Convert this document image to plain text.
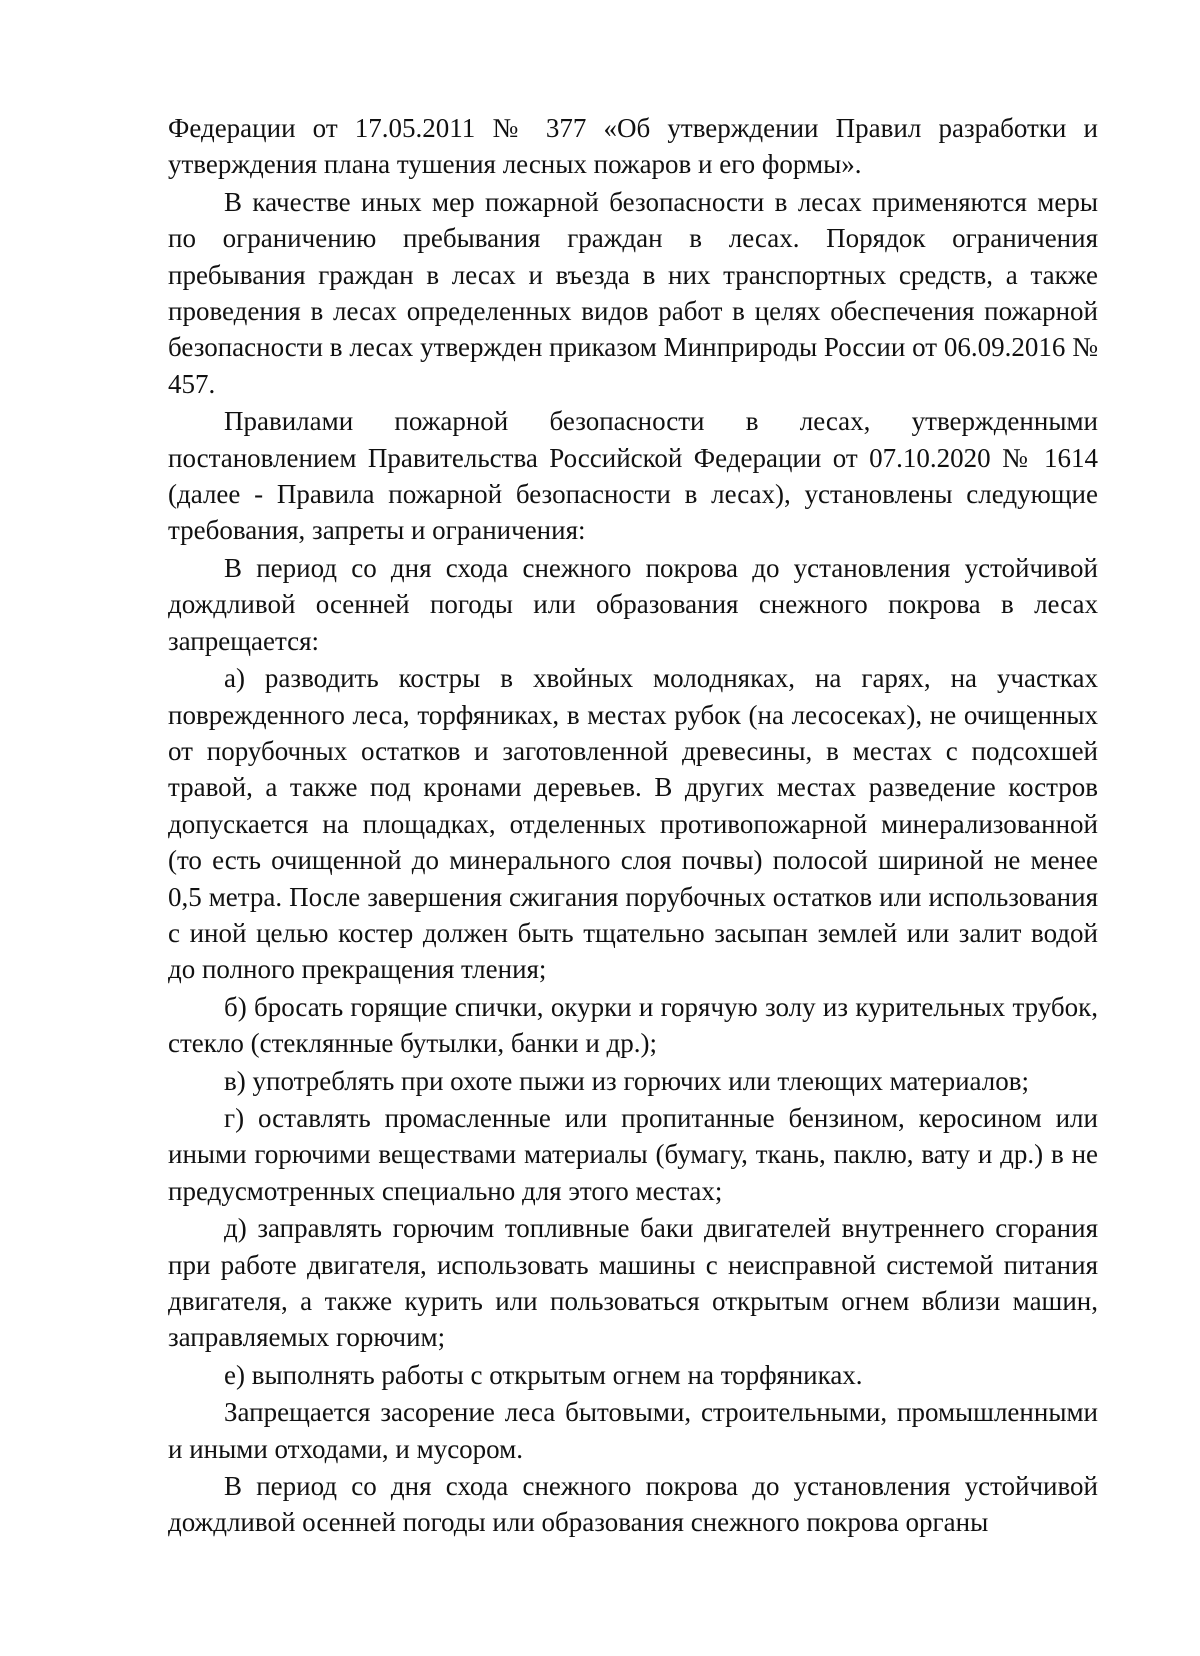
Федерации от 17.05.2011 № 377 «Об утверждении Правил разработки и утверждения плана тушения лесных пожаров и его формы».

В качестве иных мер пожарной безопасности в лесах применяются меры по ограничению пребывания граждан в лесах. Порядок ограничения пребывания граждан в лесах и въезда в них транспортных средств, а также проведения в лесах определенных видов работ в целях обеспечения пожарной безопасности в лесах утвержден приказом Минприроды России от 06.09.2016 № 457.

Правилами пожарной безопасности в лесах, утвержденными постановлением Правительства Российской Федерации от 07.10.2020 № 1614 (далее - Правила пожарной безопасности в лесах), установлены следующие требования, запреты и ограничения:

В период со дня схода снежного покрова до установления устойчивой дождливой осенней погоды или образования снежного покрова в лесах запрещается:

а) разводить костры в хвойных молодняках, на гарях, на участках поврежденного леса, торфяниках, в местах рубок (на лесосеках), не очищенных от порубочных остатков и заготовленной древесины, в местах с подсохшей травой, а также под кронами деревьев. В других местах разведение костров допускается на площадках, отделенных противопожарной минерализованной (то есть очищенной до минерального слоя почвы) полосой шириной не менее 0,5 метра. После завершения сжигания порубочных остатков или использования с иной целью костер должен быть тщательно засыпан землей или залит водой до полного прекращения тления;

б) бросать горящие спички, окурки и горячую золу из курительных трубок, стекло (стеклянные бутылки, банки и др.);

в) употреблять при охоте пыжи из горючих или тлеющих материалов;

г) оставлять промасленные или пропитанные бензином, керосином или иными горючими веществами материалы (бумагу, ткань, паклю, вату и др.) в не предусмотренных специально для этого местах;

д) заправлять горючим топливные баки двигателей внутреннего сгорания при работе двигателя, использовать машины с неисправной системой питания двигателя, а также курить или пользоваться открытым огнем вблизи машин, заправляемых горючим;

е) выполнять работы с открытым огнем на торфяниках.

Запрещается засорение леса бытовыми, строительными, промышленными и иными отходами, и мусором.

В период со дня схода снежного покрова до установления устойчивой дождливой осенней погоды или образования снежного покрова органы
